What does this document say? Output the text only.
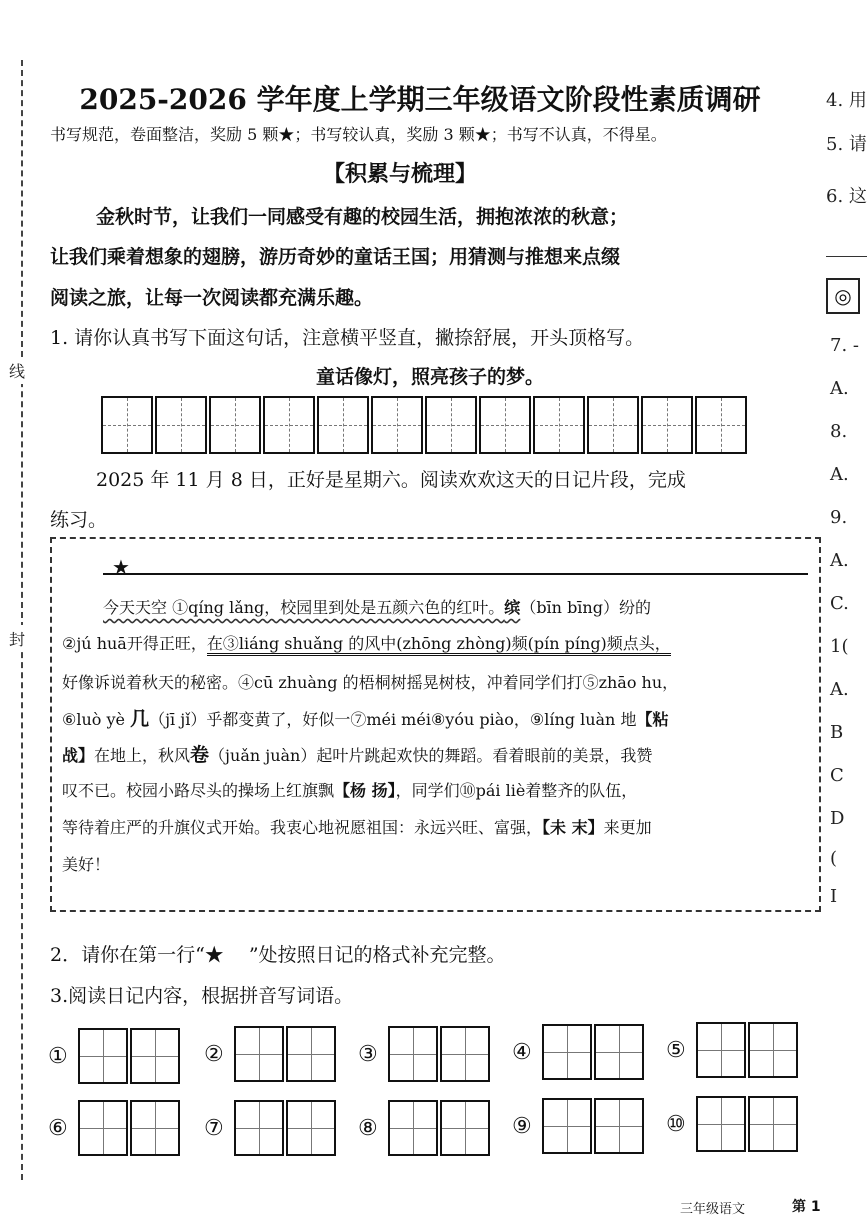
线
封
2025-2026 学年度上学期三年级语文阶段性素质调研
书写规范，卷面整洁，奖励 5 颗★；书写较认真，奖励 3 颗★；书写不认真，不得星。
【积累与梳理】
金秋时节，让我们一同感受有趣的校园生活，拥抱浓浓的秋意；
让我们乘着想象的翅膀，游历奇妙的童话王国；用猜测与推想来点缀
阅读之旅，让每一次阅读都充满乐趣。
1. 请你认真书写下面这句话，注意横平竖直，撇捺舒展，开头顶格写。
童话像灯，照亮孩子的梦。
2025 年 11 月 8 日，正好是星期六。阅读欢欢这天的日记片段，完成
练习。
★
今天天空 ①qíng lǎng，校园里到处是五颜六色的红叶。缤（bīn bīng）纷的
②jú huā开得正旺，在③liáng shuǎng 的风中(zhōng zhòng)频(pín píng)频点头，
好像诉说着秋天的秘密。④cū zhuàng 的梧桐树摇晃树枝，冲着同学们打⑤zhāo hu，
⑥luò yè 几（jī jǐ）乎都变黄了，好似一⑦méi méi⑧yóu piào，⑨líng luàn 地【粘
战】在地上，秋风卷（juǎn juàn）起叶片跳起欢快的舞蹈。看着眼前的美景，我赞
叹不已。校园小路尽头的操场上红旗飘【杨 扬】，同学们⑩pái liè着整齐的队伍，
等待着庄严的升旗仪式开始。我衷心地祝愿祖国：永远兴旺、富强，【未 末】来更加
美好！
2．请你在第一行“★　 ”处按照日记的格式补充完整。
3.阅读日记内容，根据拼音写词语。
①	②	③	④	⑤
⑥	⑦	⑧	⑨	⑩
4. 用
5. 请
6. 这
◎
7. -
A.
8.
A.
9.
A.
C.
1(
A.
B
C
D
(
I
三年级语文	第 1
